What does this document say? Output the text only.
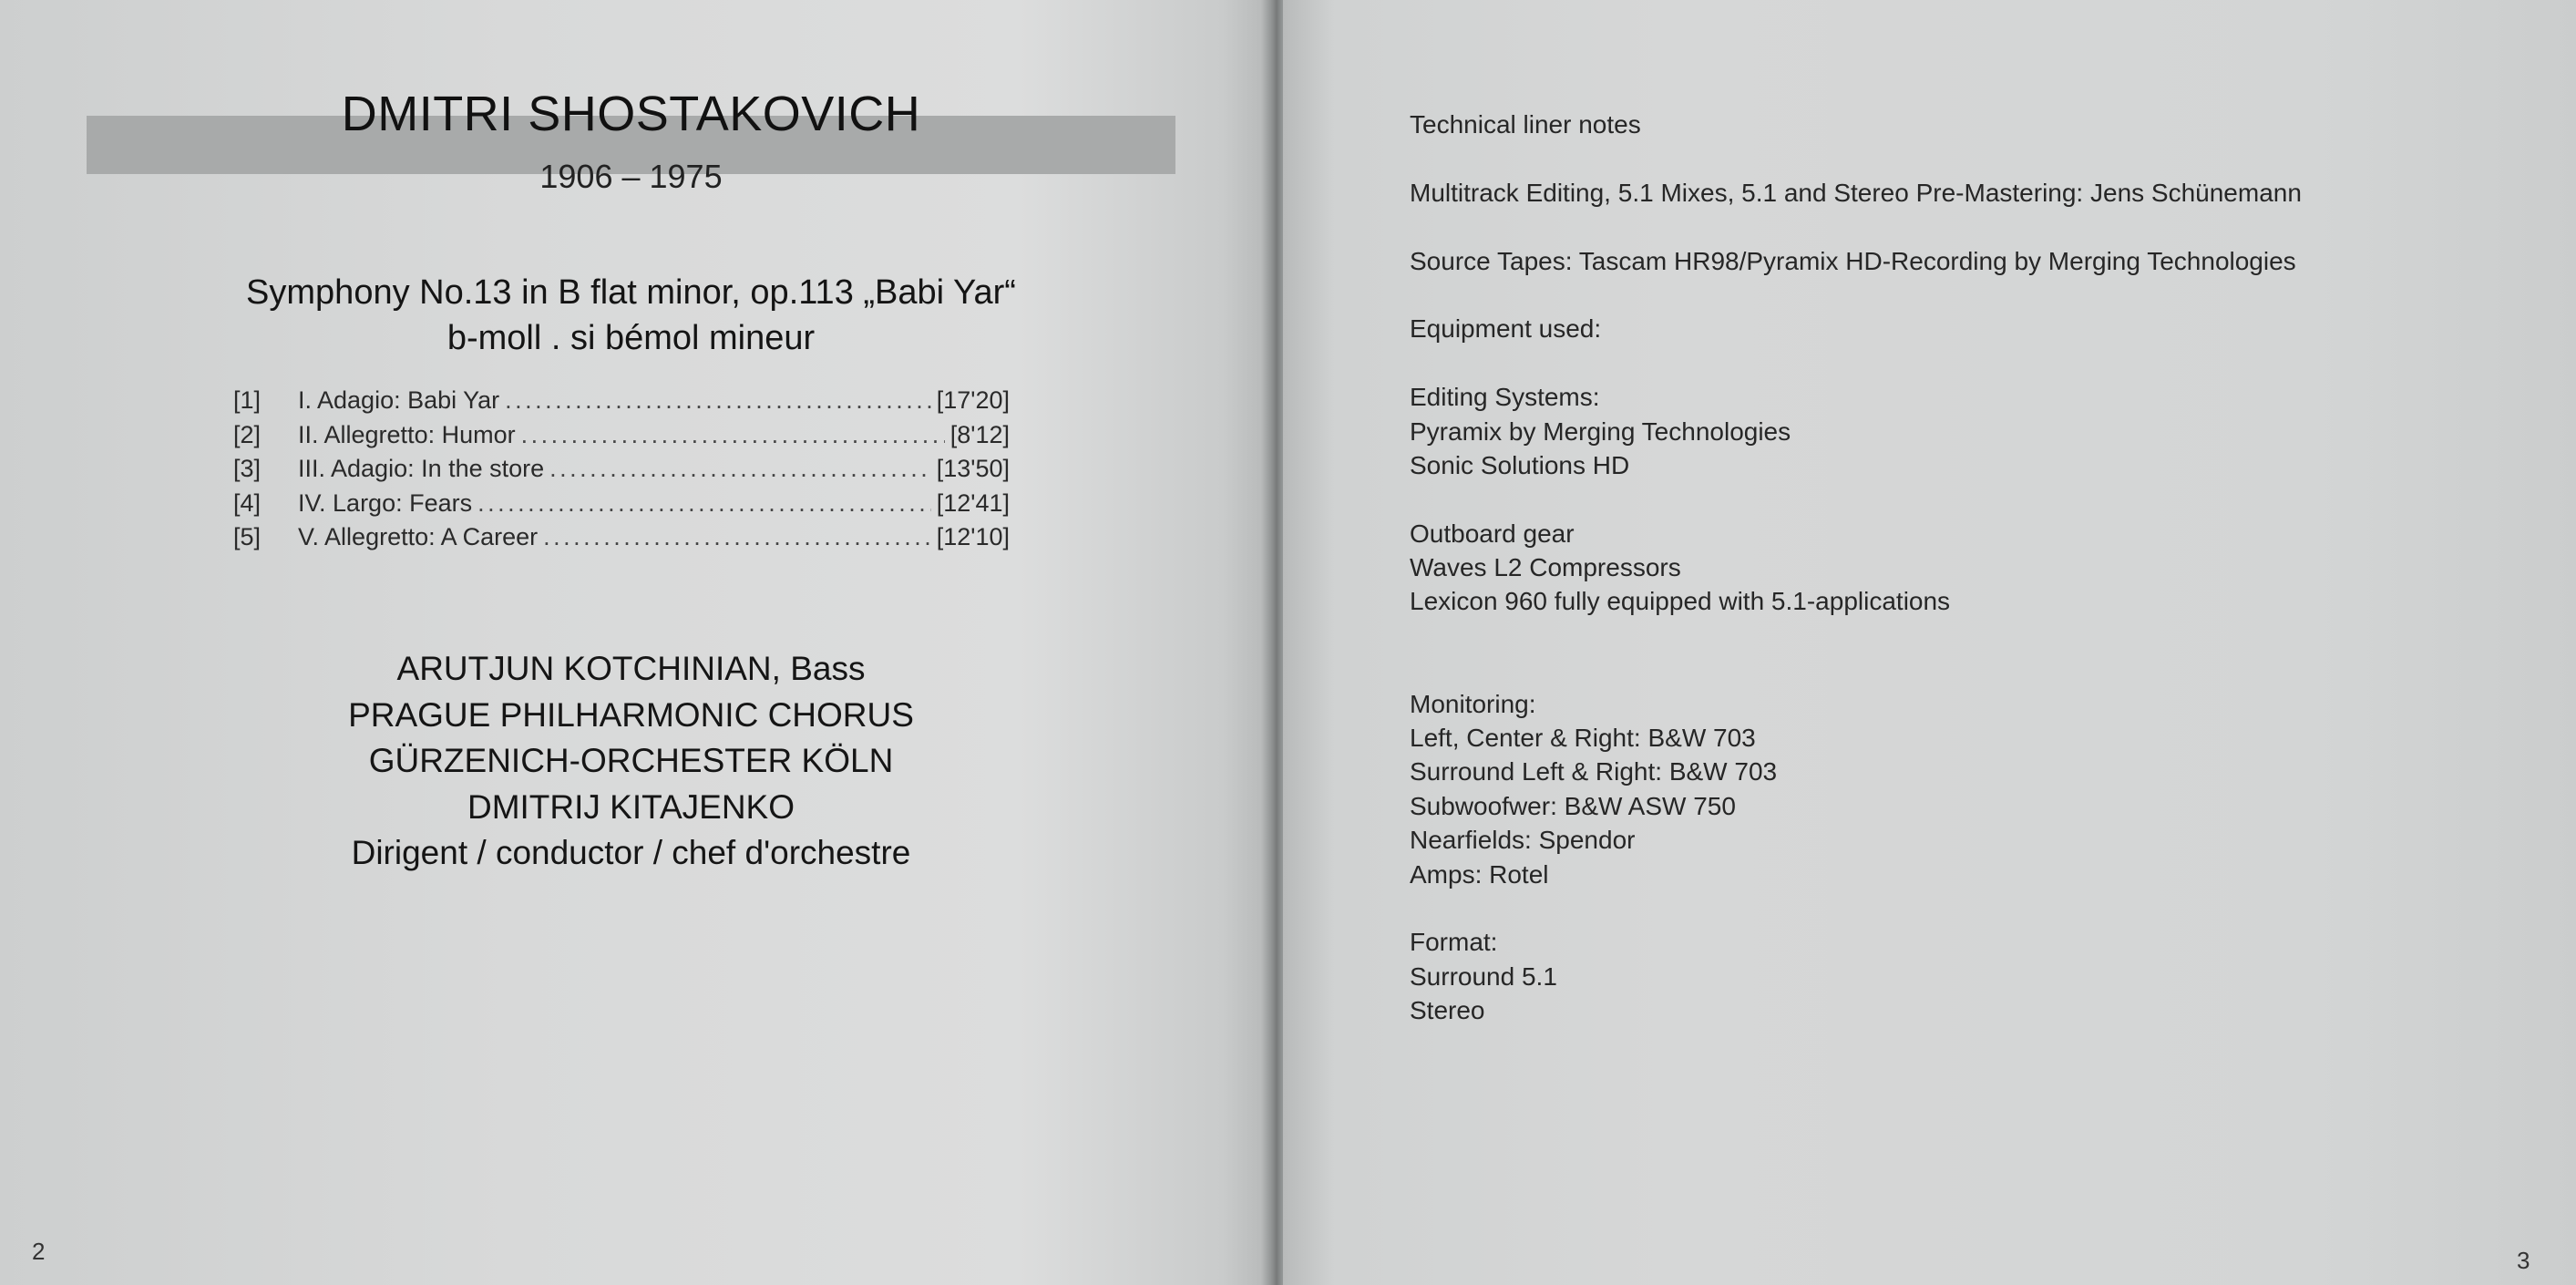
DMITRI SHOSTAKOVICH
1906 – 1975
Symphony No.13 in B flat minor, op.113 „Babi Yar“
b-moll . si bémol mineur
[1]	I. Adagio: Babi Yar . . .	[17'20]
[2]	II. Allegretto: Humor . . .	[8'12]
[3]	III. Adagio: In the store . . .	[13'50]
[4]	IV. Largo: Fears . . .	[12'41]
[5]	V. Allegretto: A Career . . .	[12'10]
ARUTJUN KOTCHINIAN, Bass
PRAGUE PHILHARMONIC CHORUS
GÜRZENICH-ORCHESTER KÖLN
DMITRIJ KITAJENKO
Dirigent / conductor / chef d'orchestre
2
Technical liner notes
Multitrack Editing, 5.1 Mixes, 5.1 and Stereo Pre-Mastering: Jens Schünemann
Source Tapes: Tascam HR98/Pyramix HD-Recording by Merging Technologies
Equipment used:
Editing Systems:
Pyramix by Merging Technologies
Sonic Solutions HD
Outboard gear
Waves L2 Compressors
Lexicon 960 fully equipped with 5.1-applications
Monitoring:
Left, Center & Right: B&W 703
Surround Left & Right: B&W 703
Subwoofwer: B&W ASW 750
Nearfields: Spendor
Amps: Rotel
Format:
Surround 5.1
Stereo
3
